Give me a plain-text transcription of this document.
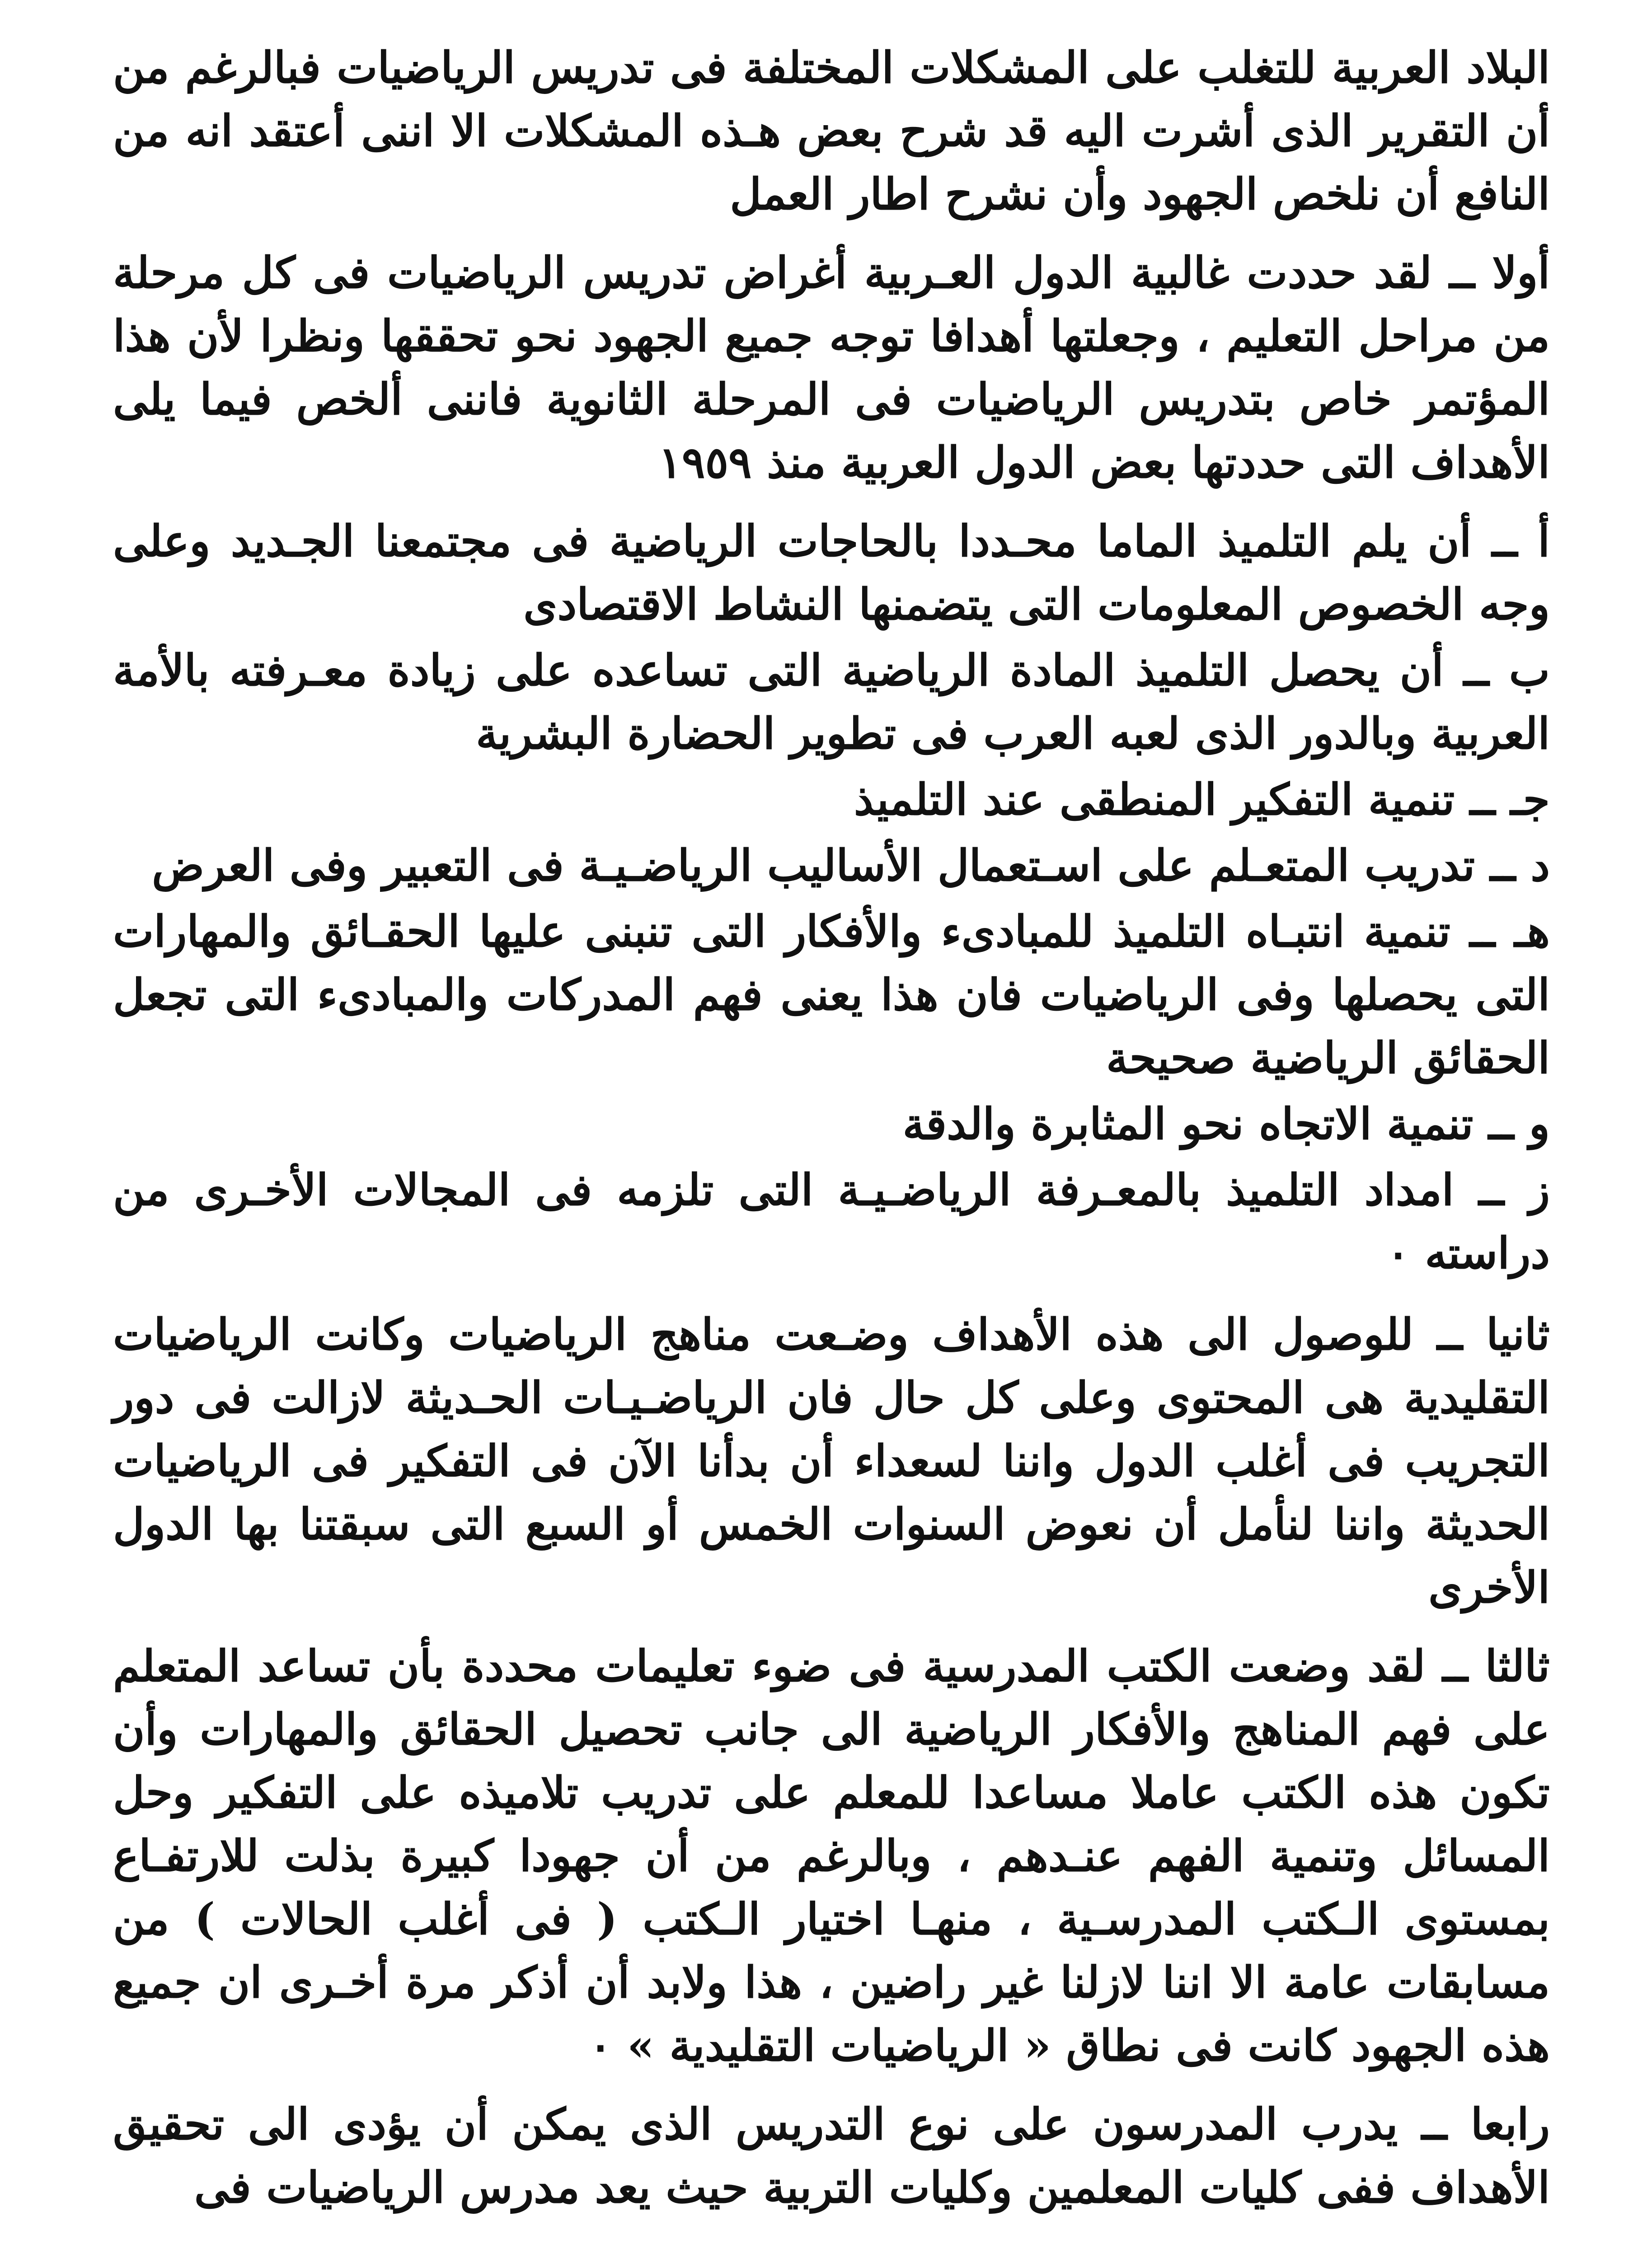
البلاد العربية للتغلب على المشكلات المختلفة فى تدريس الرياضيات فبالرغم من أن التقرير الذى أشرت اليه قد شرح بعض هـذه المشكلات الا اننى أعتقد انه من النافع أن نلخص الجهود وأن نشرح اطار العمل

أولا ــ لقد حددت غالبية الدول العـربية أغراض تدريس الرياضيات فى كل مرحلة من مراحل التعليم ، وجعلتها أهدافا توجه جميع الجهود نحو تحققها ونظرا لأن هذا المؤتمر خاص بتدريس الرياضيات فى المرحلة الثانوية فاننى ألخص فيما يلى الأهداف التى حددتها بعض الدول العربية منذ ١٩٥٩

أ ــ أن يلم التلميذ الماما محـددا بالحاجات الرياضية فى مجتمعنا الجـديد وعلى وجه الخصوص المعلومات التى يتضمنها النشاط الاقتصادى

ب ــ أن يحصل التلميذ المادة الرياضية التى تساعده على زيادة معـرفته بالأمة العربية وبالدور الذى لعبه العرب فى تطوير الحضارة البشرية

جـ ــ تنمية التفكير المنطقى عند التلميذ

د ــ تدريب المتعـلم على اسـتعمال الأساليب الرياضـيـة فى التعبير وفى العرض

هـ ــ تنمية انتبـاه التلميذ للمبادىء والأفكار التى تنبنى عليها الحقـائق والمهارات التى يحصلها وفى الرياضيات فان هذا يعنى فهم المدركات والمبادىء التى تجعل الحقائق الرياضية صحيحة

و ــ تنمية الاتجاه نحو المثابرة والدقة

ز ــ امداد التلميذ بالمعـرفة الرياضـيـة التى تلزمه فى المجالات الأخـرى من دراسته ٠

ثانيا ــ للوصول الى هذه الأهداف وضـعت مناهج الرياضيات وكانت الرياضيات التقليدية هى المحتوى وعلى كل حال فان الرياضـيـات الحـديثة لازالت فى دور التجريب فى أغلب الدول واننا لسعداء أن بدأنا الآن فى التفكير فى الرياضيات الحديثة واننا لنأمل أن نعوض السنوات الخمس أو السبع التى سبقتنا بها الدول الأخرى

ثالثا ــ لقد وضعت الكتب المدرسية فى ضوء تعليمات محددة بأن تساعد المتعلم على فهم المناهج والأفكار الرياضية الى جانب تحصيل الحقائق والمهارات وأن تكون هذه الكتب عاملا مساعدا للمعلم على تدريب تلاميذه على التفكير وحل المسائل وتنمية الفهم عنـدهم ، وبالرغم من أن جهودا كبيرة بذلت للارتفـاع بمستوى الـكتب المدرسـية ، منهـا اختيار الـكتب ( فى أغلب الحالات ) من مسابقات عامة الا اننا لازلنا غير راضين ، هذا ولابد أن أذكر مرة أخـرى ان جميع هذه الجهود كانت فى نطاق « الرياضيات التقليدية » ٠

رابعا ــ يدرب المدرسون على نوع التدريس الذى يمكن أن يؤدى الى تحقيق الأهداف ففى كليات المعلمين وكليات التربية حيث يعد مدرس الرياضيات فى
